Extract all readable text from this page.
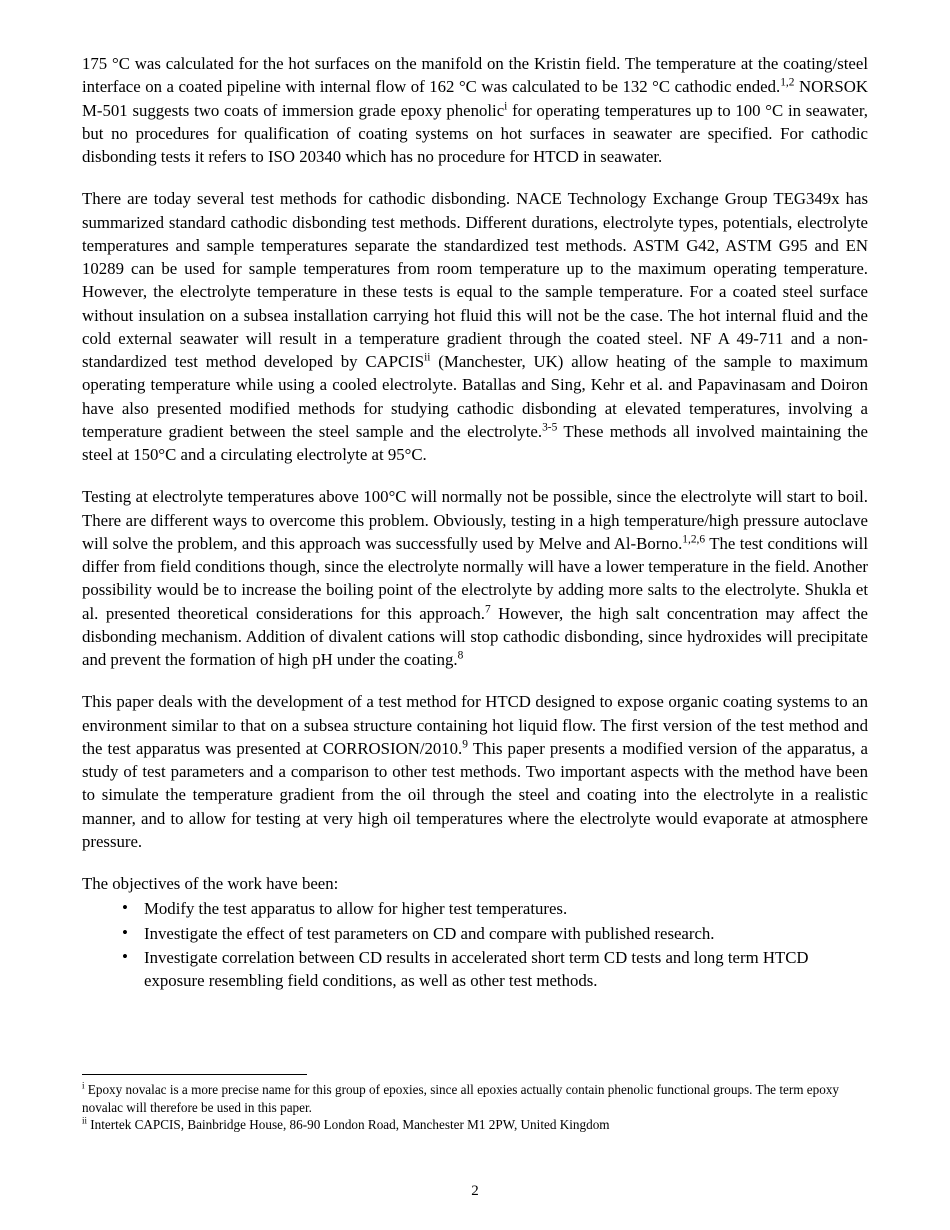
175 °C was calculated for the hot surfaces on the manifold on the Kristin field. The temperature at the coating/steel interface on a coated pipeline with internal flow of 162 °C was calculated to be 132 °C cathodic ended.$^{1,2}$ NORSOK M-501 suggests two coats of immersion grade epoxy phenolic$^i$ for operating temperatures up to 100 °C in seawater, but no procedures for qualification of coating systems on hot surfaces in seawater are specified. For cathodic disbonding tests it refers to ISO 20340 which has no procedure for HTCD in seawater.

There are today several test methods for cathodic disbonding. NACE Technology Exchange Group TEG349x has summarized standard cathodic disbonding test methods. Different durations, electrolyte types, potentials, electrolyte temperatures and sample temperatures separate the standardized test methods. ASTM G42, ASTM G95 and EN 10289 can be used for sample temperatures from room temperature up to the maximum operating temperature. However, the electrolyte temperature in these tests is equal to the sample temperature. For a coated steel surface without insulation on a subsea installation carrying hot fluid this will not be the case. The hot internal fluid and the cold external seawater will result in a temperature gradient through the coated steel. NF A 49-711 and a non-standardized test method developed by CAPCIS$^{ii}$ (Manchester, UK) allow heating of the sample to maximum operating temperature while using a cooled electrolyte. Batallas and Sing, Kehr et al. and Papavinasam and Doiron have also presented modified methods for studying cathodic disbonding at elevated temperatures, involving a temperature gradient between the steel sample and the electrolyte.$^{3-5}$ These methods all involved maintaining the steel at 150°C and a circulating electrolyte at 95°C.

Testing at electrolyte temperatures above 100°C will normally not be possible, since the electrolyte will start to boil. There are different ways to overcome this problem. Obviously, testing in a high temperature/high pressure autoclave will solve the problem, and this approach was successfully used by Melve and Al-Borno.$^{1,2,6}$ The test conditions will differ from field conditions though, since the electrolyte normally will have a lower temperature in the field. Another possibility would be to increase the boiling point of the electrolyte by adding more salts to the electrolyte. Shukla et al. presented theoretical considerations for this approach.$^7$ However, the high salt concentration may affect the disbonding mechanism. Addition of divalent cations will stop cathodic disbonding, since hydroxides will precipitate and prevent the formation of high pH under the coating.$^8$

This paper deals with the development of a test method for HTCD designed to expose organic coating systems to an environment similar to that on a subsea structure containing hot liquid flow. The first version of the test method and the test apparatus was presented at CORROSION/2010.$^9$ This paper presents a modified version of the apparatus, a study of test parameters and a comparison to other test methods. Two important aspects with the method have been to simulate the temperature gradient from the oil through the steel and coating into the electrolyte in a realistic manner, and to allow for testing at very high oil temperatures where the electrolyte would evaporate at atmosphere pressure.

The objectives of the work have been:

• Modify the test apparatus to allow for higher test temperatures.
• Investigate the effect of test parameters on CD and compare with published research.
• Investigate correlation between CD results in accelerated short term CD tests and long term HTCD exposure resembling field conditions, as well as other test methods.

$^i$ Epoxy novalac is a more precise name for this group of epoxies, since all epoxies actually contain phenolic functional groups. The term epoxy novalac will therefore be used in this paper.

$^{ii}$ Intertek CAPCIS, Bainbridge House, 86-90 London Road, Manchester M1 2PW, United Kingdom

2
